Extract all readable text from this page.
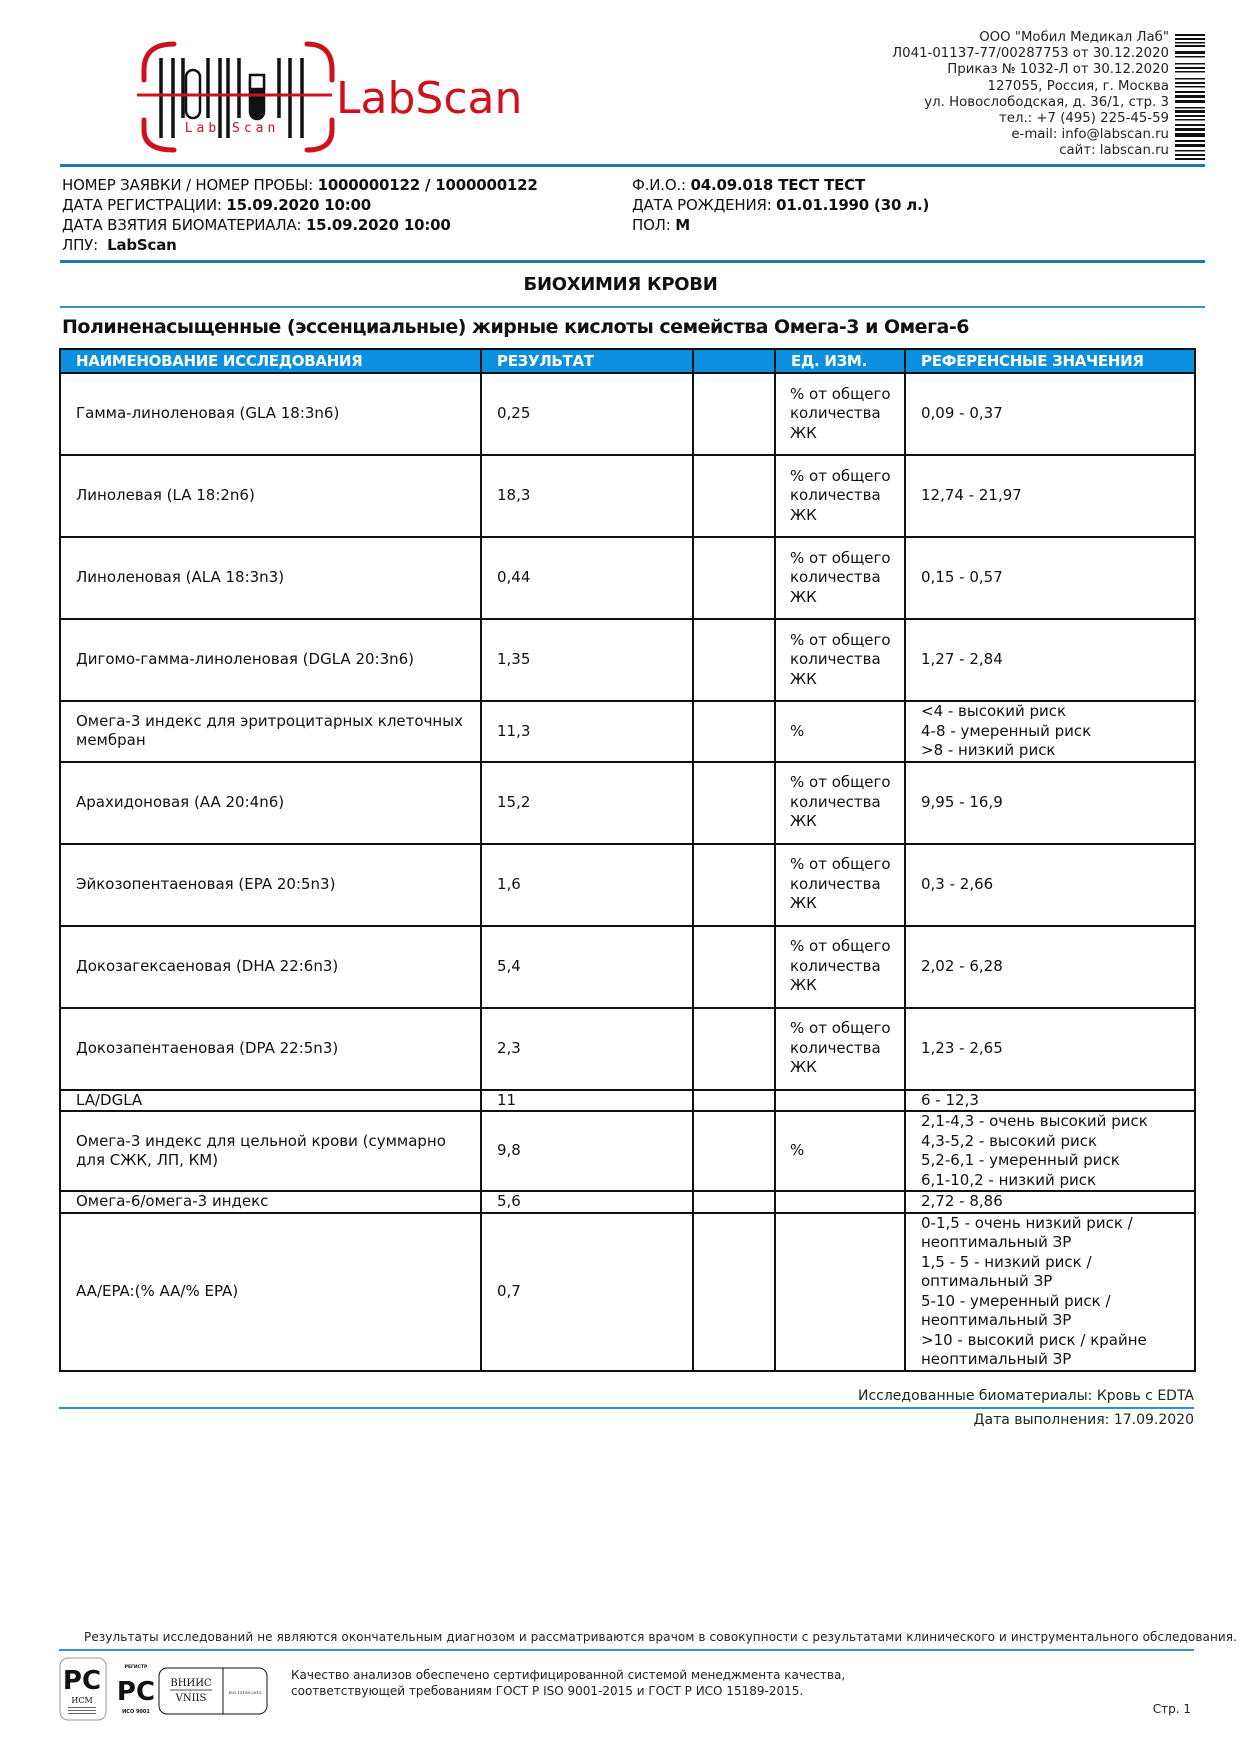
Lab Scan
LabScan
ООО "Мобил Медикал Лаб"
Л041-01137-77/00287753 от 30.12.2020
Приказ № 1032-Л от 30.12.2020
127055, Россия, г. Москва
ул. Новослободская, д. 36/1, стр. 3
тел.: +7 (495) 225-45-59
e-mail: info@labscan.ru
сайт: labscan.ru
НОМЕР ЗАЯВКИ / НОМЕР ПРОБЫ: 1000000122 / 1000000122
ДАТА РЕГИСТРАЦИИ: 15.09.2020 10:00
ДАТА ВЗЯТИЯ БИОМАТЕРИАЛА: 15.09.2020 10:00
ЛПУ: LabScan
Ф.И.О.: 04.09.018 ТЕСТ ТЕСТ
ДАТА РОЖДЕНИЯ: 01.01.1990 (30 л.)
ПОЛ: М
БИОХИМИЯ КРОВИ
Полиненасыщенные (эссенциальные) жирные кислоты семейства Омега-3 и Омега-6
НАИМЕНОВАНИЕ ИССЛЕДОВАНИЯ	РЕЗУЛЬТАТ		ЕД. ИЗМ.	РЕФЕРЕНСНЫЕ ЗНАЧЕНИЯ
Гамма-линоленовая (GLA 18:3n6)	0,25		% от общего количества ЖК	0,09 - 0,37

Линолевая (LA 18:2n6)	18,3		% от общего количества ЖК	12,74 - 21,97

Линоленовая (ALA 18:3n3)	0,44		% от общего количества ЖК	0,15 - 0,57

Дигомо-гамма-линоленовая (DGLA 20:3n6)	1,35		% от общего количества ЖК	1,27 - 2,84

Омега-3 индекс для эритроцитарных клеточных мембран	11,3		%	<4 - высокий риск
4-8 - умеренный риск
>8 - низкий риск

Арахидоновая (AA 20:4n6)	15,2		% от общего количества ЖК	9,95 - 16,9

Эйкозопентаеновая (EPA 20:5n3)	1,6		% от общего количества ЖК	0,3 - 2,66

Докозагексаеновая (DHA 22:6n3)	5,4		% от общего количества ЖК	2,02 - 6,28

Докозапентаеновая (DPA 22:5n3)	2,3		% от общего количества ЖК	1,23 - 2,65

LA/DGLA	11			6 - 12,3

Омега-3 индекс для цельной крови (суммарно для СЖК, ЛП, КМ)	9,8		%	2,1-4,3 - очень высокий риск
4,3-5,2 - высокий риск
5,2-6,1 - умеренный риск
6,1-10,2 - низкий риск

Омега-6/омега-3 индекс	5,6			2,72 - 8,86

AA/EPA:(% AA/% EPA)	0,7			0-1,5 - очень низкий риск / неоптимальный ЗР
1,5 - 5 - низкий риск / оптимальный ЗР
5-10 - умеренный риск / неоптимальный ЗР
>10 - высокий риск / крайне неоптимальный ЗР
Исследованные биоматериалы: Кровь с EDTA
Дата выполнения: 17.09.2020
Результаты исследований не являются окончательным диагнозом и рассматриваются врачом в совокупности с результатами клинического и инструментального обследования.
PC
ИСМ
РЕГИСТР
PC
ИСО 9001
ВНИИС
VNIIS
ISO 15189:2015
Качество анализов обеспечено сертифицированной системой менеджмента качества,
соответствующей требованиям ГОСТ Р ISO 9001-2015 и ГОСТ Р ИСО 15189-2015.
Стр. 1
